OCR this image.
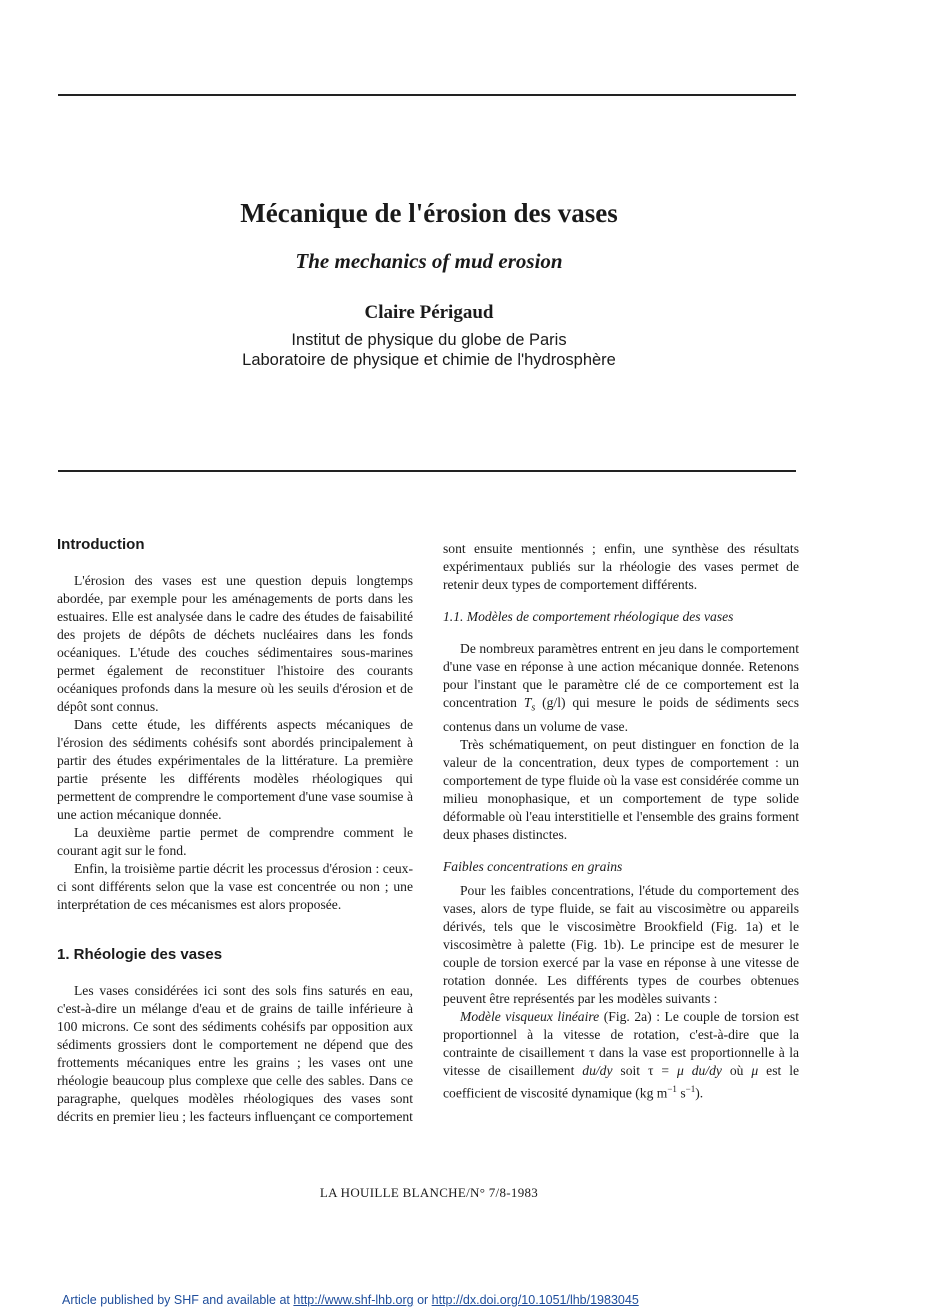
Mécanique de l'érosion des vases
The mechanics of mud erosion
Claire Périgaud
Institut de physique du globe de Paris
Laboratoire de physique et chimie de l'hydrosphère
Introduction

L'érosion des vases est une question depuis longtemps abordée, par exemple pour les aménagements de ports dans les estuaires. Elle est analysée dans le cadre des études de faisabilité des projets de dépôts de déchets nucléaires dans les fonds océaniques. L'étude des couches sédimentaires sous-marines permet également de reconstituer l'histoire des courants océaniques profonds dans la mesure où les seuils d'érosion et de dépôt sont connus.

Dans cette étude, les différents aspects mécaniques de l'érosion des sédiments cohésifs sont abordés principalement à partir des études expérimentales de la littérature. La première partie présente les différents modèles rhéologiques qui permettent de comprendre le comportement d'une vase soumise à une action mécanique donnée.

La deuxième partie permet de comprendre comment le courant agit sur le fond.

Enfin, la troisième partie décrit les processus d'érosion : ceux-ci sont différents selon que la vase est concentrée ou non ; une interprétation de ces mécanismes est alors proposée.

1. Rhéologie des vases

Les vases considérées ici sont des sols fins saturés en eau, c'est-à-dire un mélange d'eau et de grains de taille inférieure à 100 microns. Ce sont des sédiments cohésifs par opposition aux sédiments grossiers dont le comportement ne dépend que des frottements mécaniques entre les grains ; les vases ont une rhéologie beaucoup plus complexe que celle des sables. Dans ce paragraphe, quelques modèles rhéologiques des vases sont décrits en premier lieu ; les facteurs influençant ce comportement

sont ensuite mentionnés ; enfin, une synthèse des résultats expérimentaux publiés sur la rhéologie des vases permet de retenir deux types de comportement différents.

1.1. Modèles de comportement rhéologique des vases

De nombreux paramètres entrent en jeu dans le comportement d'une vase en réponse à une action mécanique donnée. Retenons pour l'instant que le paramètre clé de ce comportement est la concentration $T_s$ (g/l) qui mesure le poids de sédiments secs contenus dans un volume de vase.

Très schématiquement, on peut distinguer en fonction de la valeur de la concentration, deux types de comportement : un comportement de type fluide où la vase est considérée comme un milieu monophasique, et un comportement de type solide déformable où l'eau interstitielle et l'ensemble des grains forment deux phases distinctes.

Faibles concentrations en grains

Pour les faibles concentrations, l'étude du comportement des vases, alors de type fluide, se fait au viscosimètre ou appareils dérivés, tels que le viscosimètre Brookfield (Fig. 1a) et le viscosimètre à palette (Fig. 1b). Le principe est de mesurer le couple de torsion exercé par la vase en réponse à une vitesse de rotation donnée. Les différents types de courbes obtenues peuvent être représentés par les modèles suivants :

Modèle visqueux linéaire (Fig. 2a) : Le couple de torsion est proportionnel à la vitesse de rotation, c'est-à-dire que la contrainte de cisaillement τ dans la vase est proportionnelle à la vitesse de cisaillement du/dy soit τ = μ du/dy où μ est le coefficient de viscosité dynamique (kg $m^{-1}$ $s^{-1}$).

LA HOUILLE BLANCHE/N° 7/8-1983
Article published by SHF and available at http://www.shf-lhb.org or http://dx.doi.org/10.1051/lhb/1983045
